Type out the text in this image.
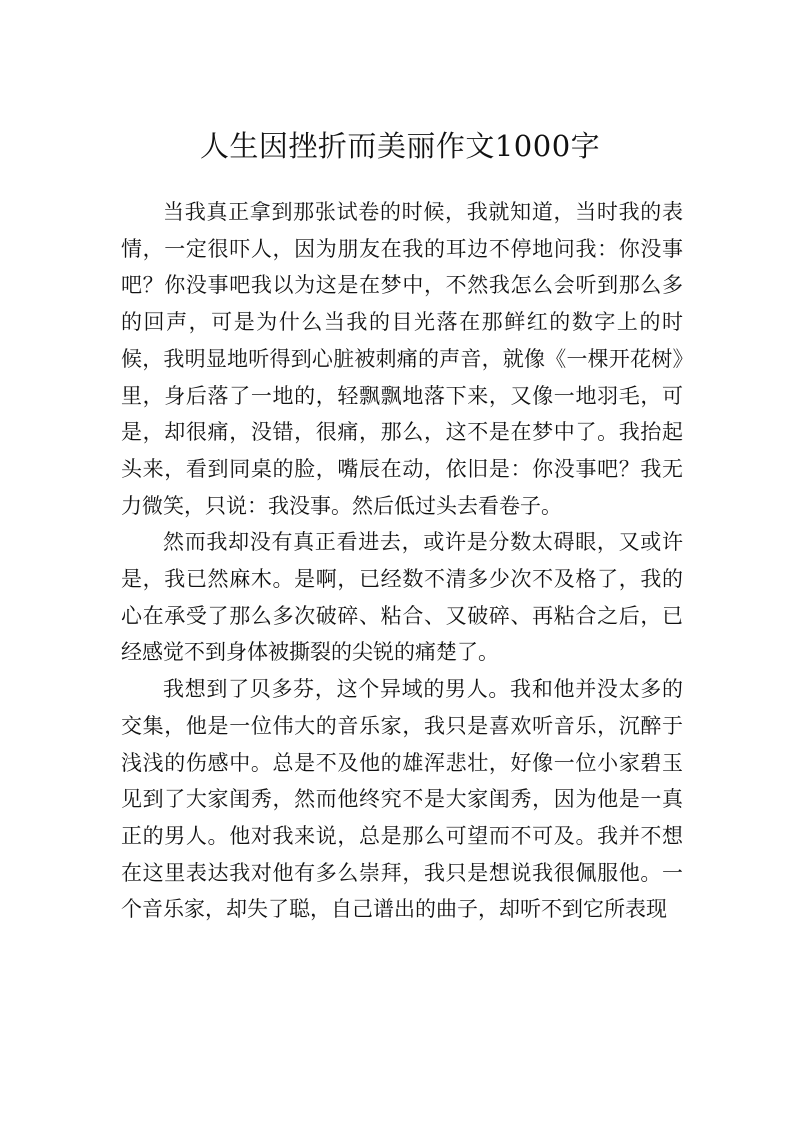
人生因挫折而美丽作文1000字

当我真正拿到那张试卷的时候，我就知道，当时我的表情，一定很吓人，因为朋友在我的耳边不停地问我：你没事吧？你没事吧我以为这是在梦中，不然我怎么会听到那么多的回声，可是为什么当我的目光落在那鲜红的数字上的时候，我明显地听得到心脏被刺痛的声音，就像《一棵开花树》里，身后落了一地的，轻飘飘地落下来，又像一地羽毛，可是，却很痛，没错，很痛，那么，这不是在梦中了。我抬起头来，看到同桌的脸，嘴辰在动，依旧是：你没事吧？我无力微笑，只说：我没事。然后低过头去看卷子。

然而我却没有真正看进去，或许是分数太碍眼，又或许是，我已然麻木。是啊，已经数不清多少次不及格了，我的心在承受了那么多次破碎、粘合、又破碎、再粘合之后，已经感觉不到身体被撕裂的尖锐的痛楚了。

我想到了贝多芬，这个异域的男人。我和他并没太多的交集，他是一位伟大的音乐家，我只是喜欢听音乐，沉醉于浅浅的伤感中。总是不及他的雄浑悲壮，好像一位小家碧玉见到了大家闺秀，然而他终究不是大家闺秀，因为他是一真正的男人。他对我来说，总是那么可望而不可及。我并不想在这里表达我对他有多么崇拜，我只是想说我很佩服他。一个音乐家，却失了聪，自己谱出的曲子，却听不到它所表现
